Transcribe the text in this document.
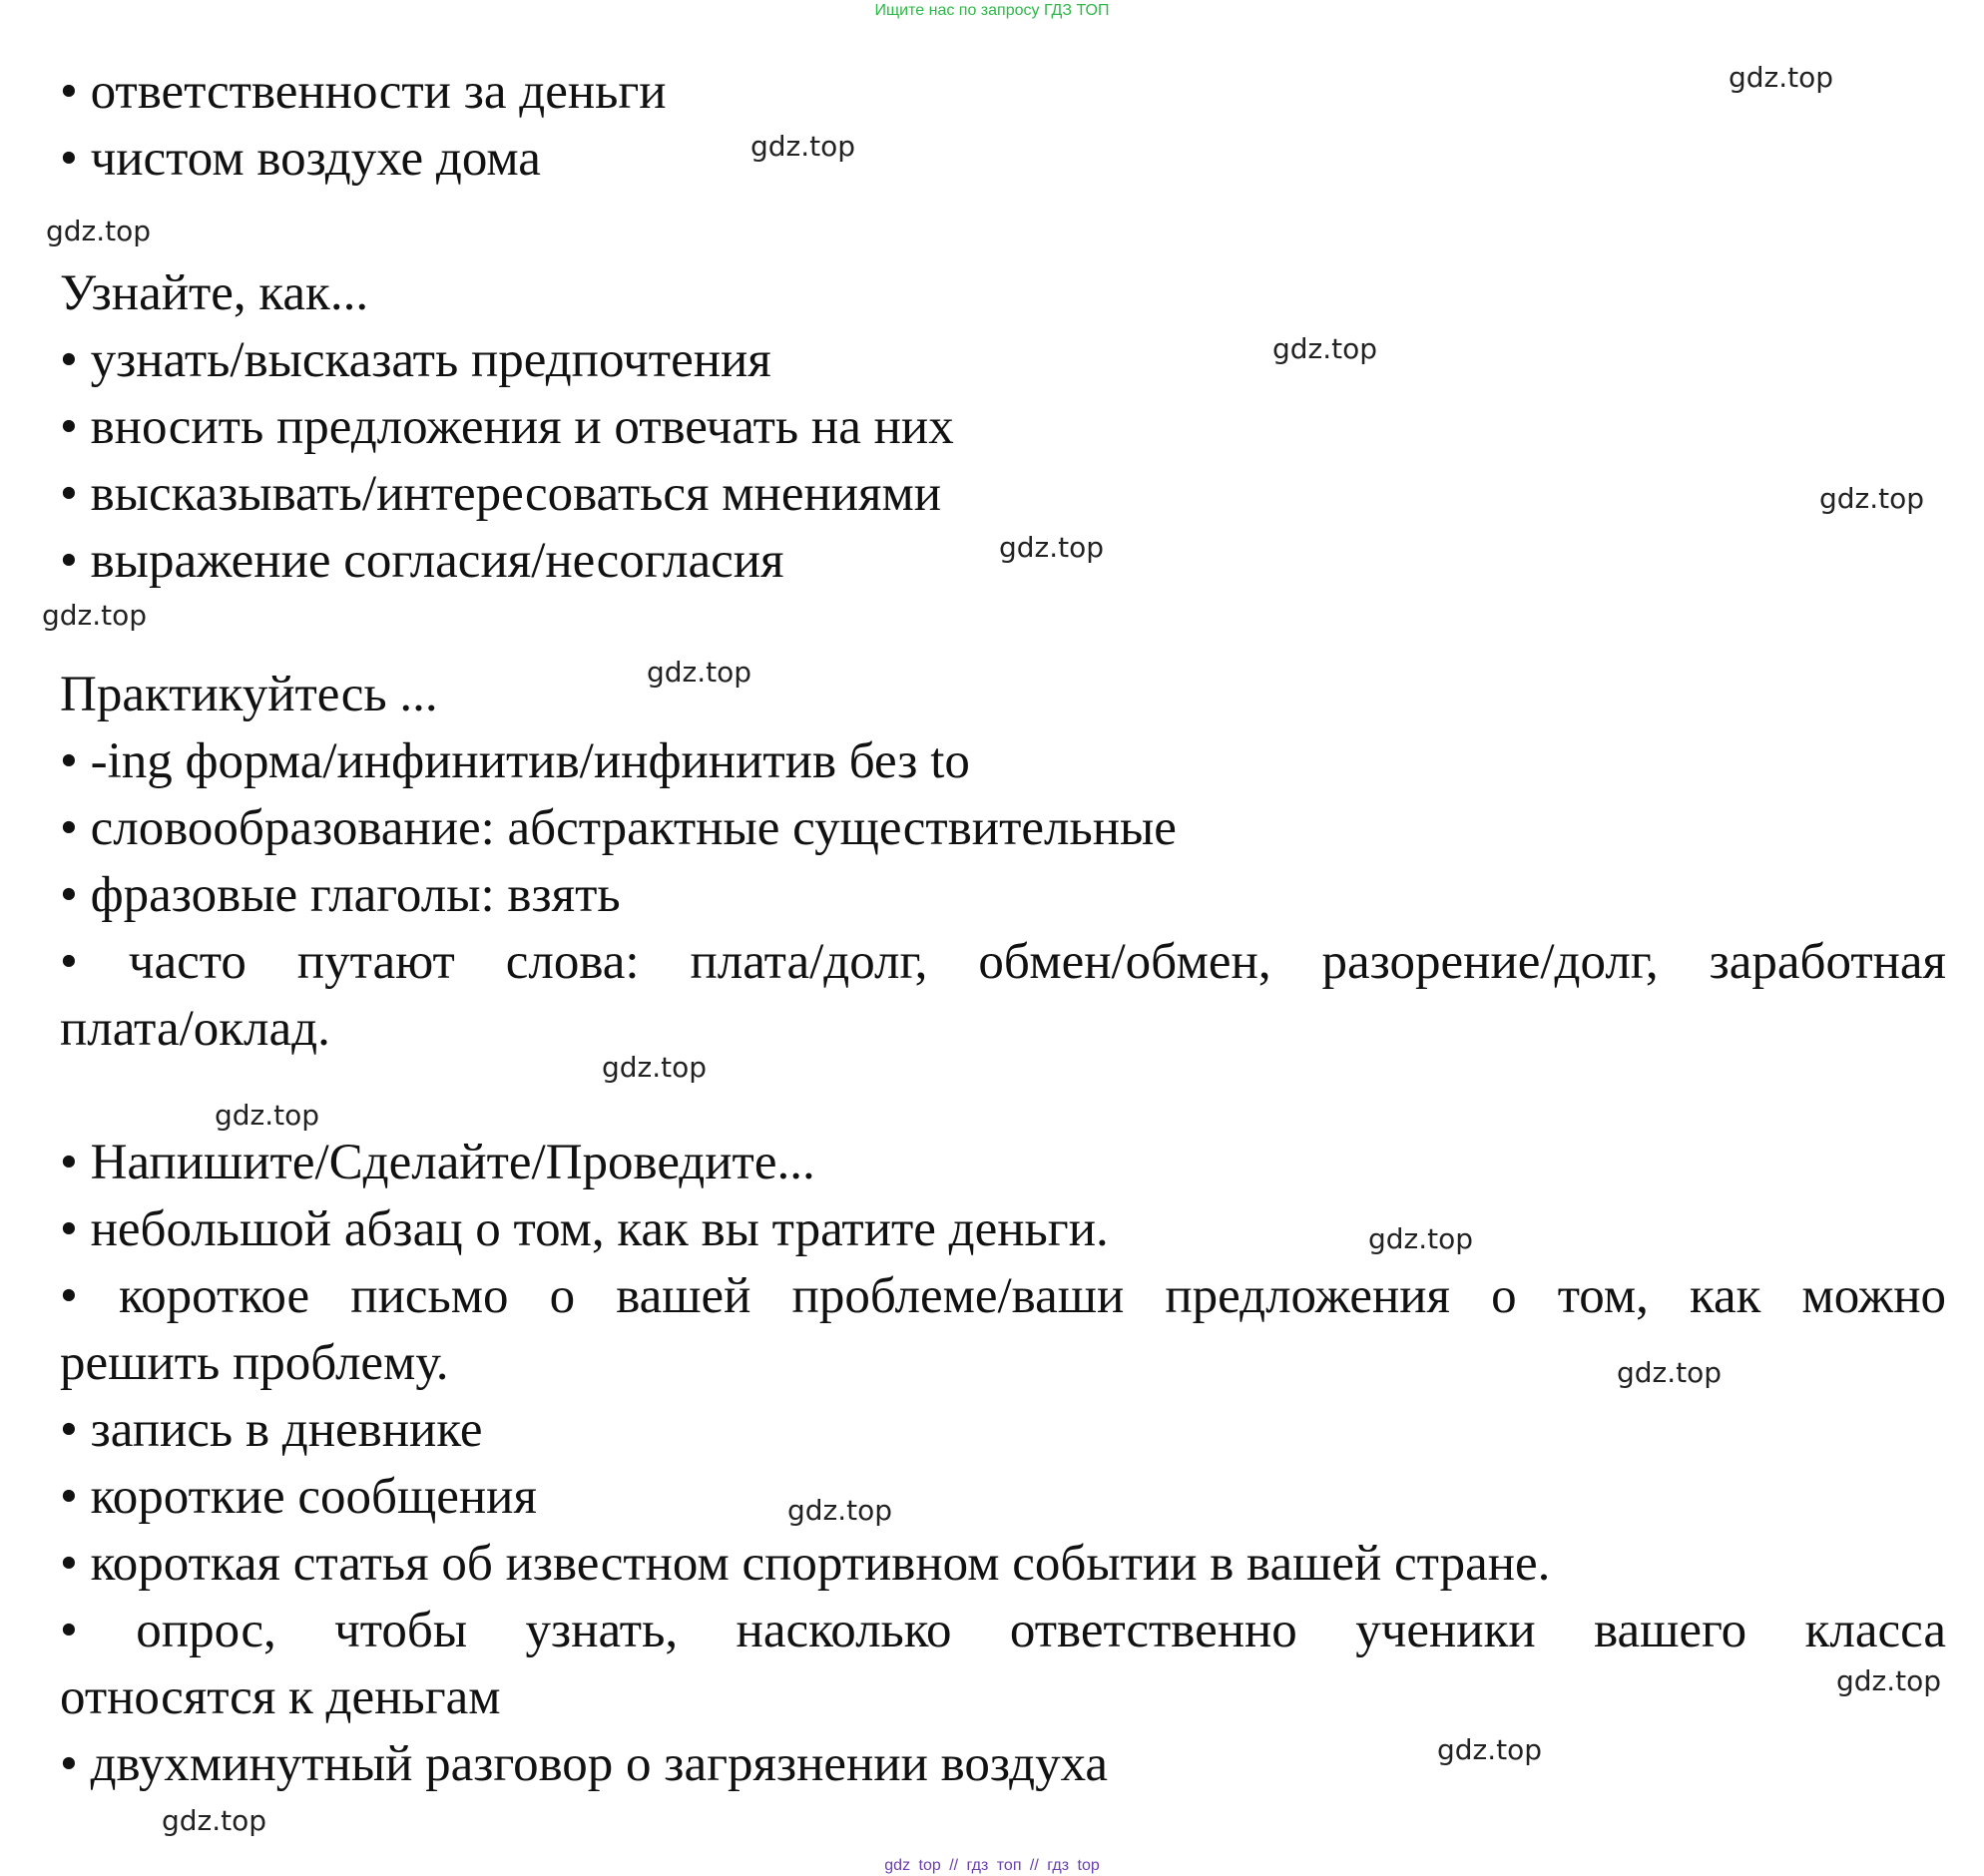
Ищите нас по запросу ГДЗ ТОП
• ответственности за деньги
• чистом воздухе дома
Узнайте, как...
• узнать/высказать предпочтения
• вносить предложения и отвечать на них
• высказывать/интересоваться мнениями
• выражение согласия/несогласия
Практикуйтесь ...
• -ing форма/инфинитив/инфинитив без to
• словообразование: абстрактные существительные
• фразовые глаголы: взять
• часто путают слова: плата/долг, обмен/обмен, разорение/долг, заработная
плата/оклад.
• Напишите/Сделайте/Проведите...
• небольшой абзац о том, как вы тратите деньги.
• короткое письмо о вашей проблеме/ваши предложения о том, как можно
решить проблему.
• запись в дневнике
• короткие сообщения
• короткая статья об известном спортивном событии в вашей стране.
• опрос, чтобы узнать, насколько ответственно ученики вашего класса
относятся к деньгам
• двухминутный разговор о загрязнении воздуха
gdz.top
gdz.top
gdz.top
gdz.top
gdz.top
gdz.top
gdz.top
gdz.top
gdz.top
gdz.top
gdz.top
gdz.top
gdz.top
gdz.top
gdz.top
gdz.top
gdz top // гдз топ // гдз top
